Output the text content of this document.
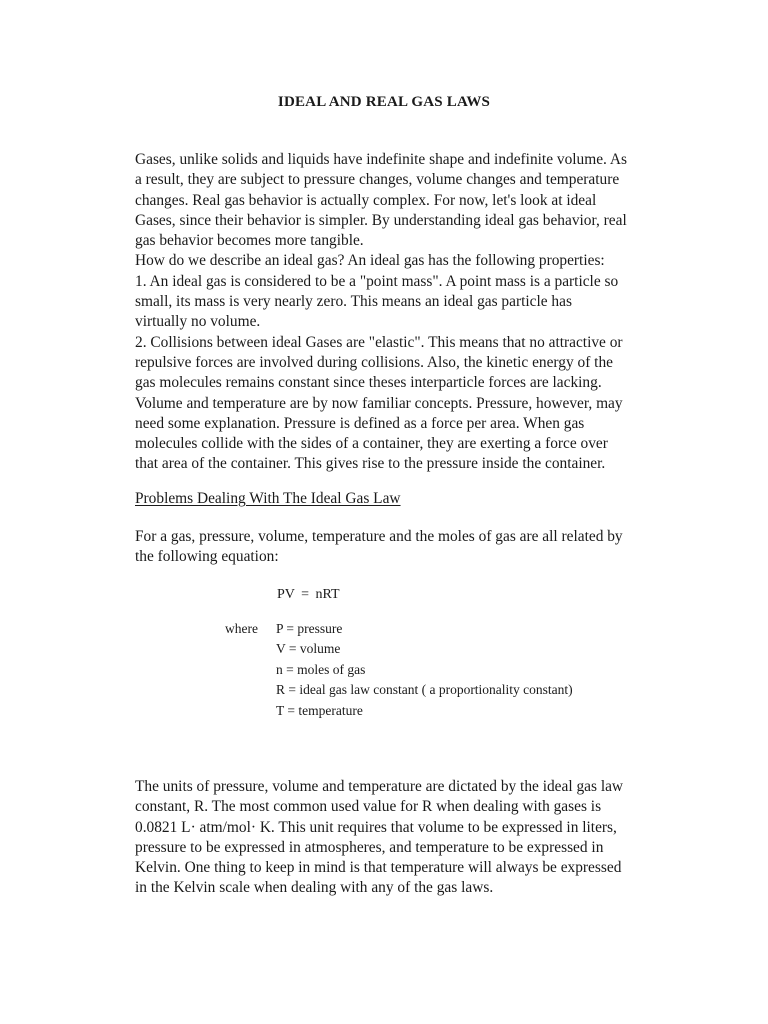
IDEAL AND REAL GAS LAWS

Gases, unlike solids and liquids have indefinite shape and indefinite volume. As

a result, they are subject to pressure changes, volume changes and temperature

changes. Real gas behavior is actually complex. For now, let's look at ideal

Gases, since their behavior is simpler. By understanding ideal gas behavior, real

gas behavior becomes more tangible.

How do we describe an ideal gas? An ideal gas has the following properties:

1. An ideal gas is considered to be a "point mass". A point mass is a particle so

small, its mass is very nearly zero. This means an ideal gas particle has

virtually no volume.

2. Collisions between ideal Gases are "elastic". This means that no attractive or

repulsive forces are involved during collisions. Also, the kinetic energy of the

gas molecules remains constant since theses interparticle forces are lacking.

Volume and temperature are by now familiar concepts. Pressure, however, may

need some explanation. Pressure is defined as a force per area. When gas

molecules collide with the sides of a container, they are exerting a force over

that area of the container. This gives rise to the pressure inside the container.

Problems Dealing With The Ideal Gas Law

For a gas, pressure, volume, temperature and the moles of gas are all related by

the following equation:

PV = nRT
where P = pressure
V = volume
n = moles of gas
R = ideal gas law constant ( a proportionality constant)
T = temperature

The units of pressure, volume and temperature are dictated by the ideal gas law

constant, R. The most common used value for R when dealing with gases is

0.0821 L· atm/mol· K. This unit requires that volume to be expressed in liters,

pressure to be expressed in atmospheres, and temperature to be expressed in

Kelvin. One thing to keep in mind is that temperature will always be expressed

in the Kelvin scale when dealing with any of the gas laws.
